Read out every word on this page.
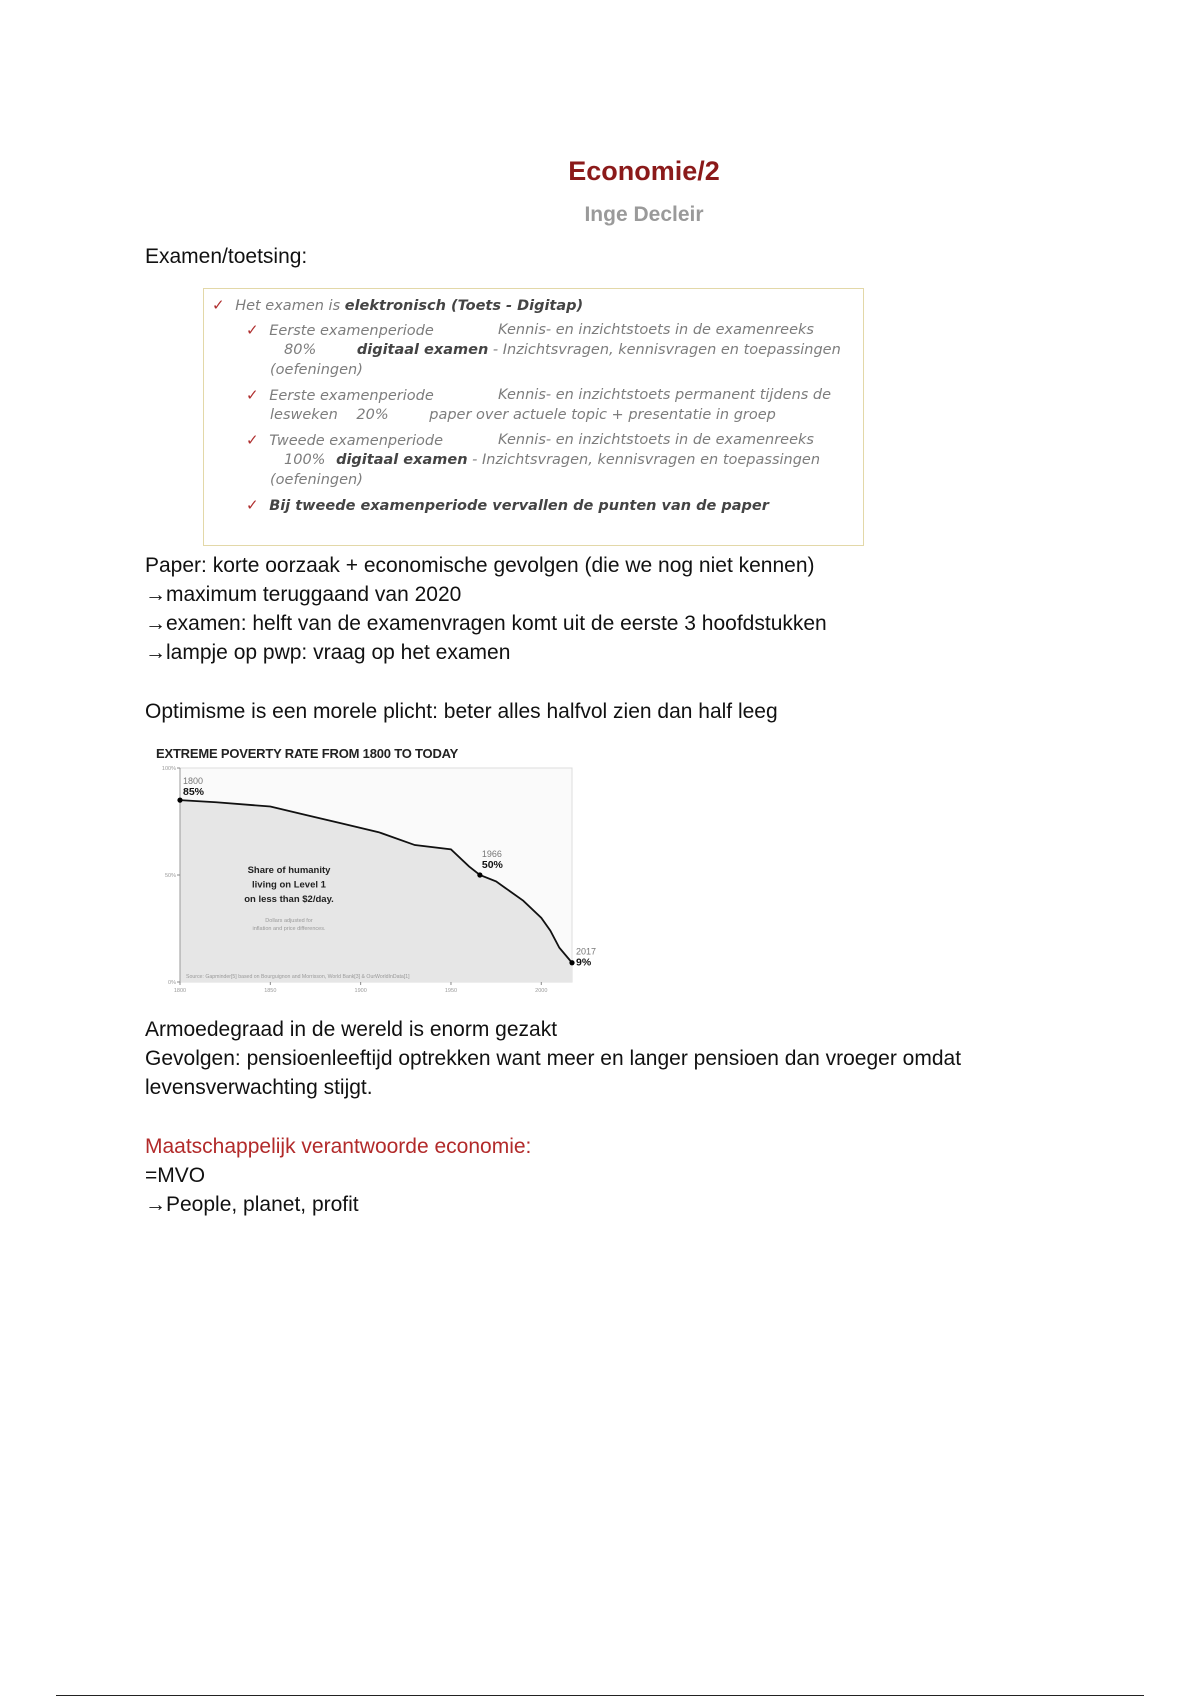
Economie/2
Inge Decleir
Examen/toetsing:
✓ Het examen is elektronisch (Toets - Digitap)
✓ Eerste examenperiode	Kennis- en inzichtstoets in de examenreeks
80%	digitaal examen - Inzichtsvragen, kennisvragen en toepassingen
(oefeningen)
✓ Eerste examenperiode	Kennis- en inzichtstoets permanent tijdens de
lesweken 20%	paper over actuele topic + presentatie in groep
✓ Tweede examenperiode	Kennis- en inzichtstoets in de examenreeks
100% digitaal examen - Inzichtsvragen, kennisvragen en toepassingen
(oefeningen)
✓ Bij tweede examenperiode vervallen de punten van de paper
Paper: korte oorzaak + economische gevolgen (die we nog niet kennen)
→maximum teruggaand van 2020
→examen: helft van de examenvragen komt uit de eerste 3 hoofdstukken
→lampje op pwp: vraag op het examen
Optimisme is een morele plicht: beter alles halfvol zien dan half leeg
EXTREME POVERTY RATE FROM 1800 TO TODAY
100%
50%
0%
1800	1850	1900	1950	2000
1800
85%
1966
50%
2017
9%
Share of humanity
living on Level 1
on less than $2/day.
Dollars adjusted for
inflation and price differences.
Source: Gapminder[5] based on Bourguignon and Morrisson, World Bank[3] & OurWorldInData[1]
Armoedegraad in de wereld is enorm gezakt
Gevolgen: pensioenleeftijd optrekken want meer en langer pensioen dan vroeger omdat
levensverwachting stijgt.
Maatschappelijk verantwoorde economie:
=MVO
→People, planet, profit
